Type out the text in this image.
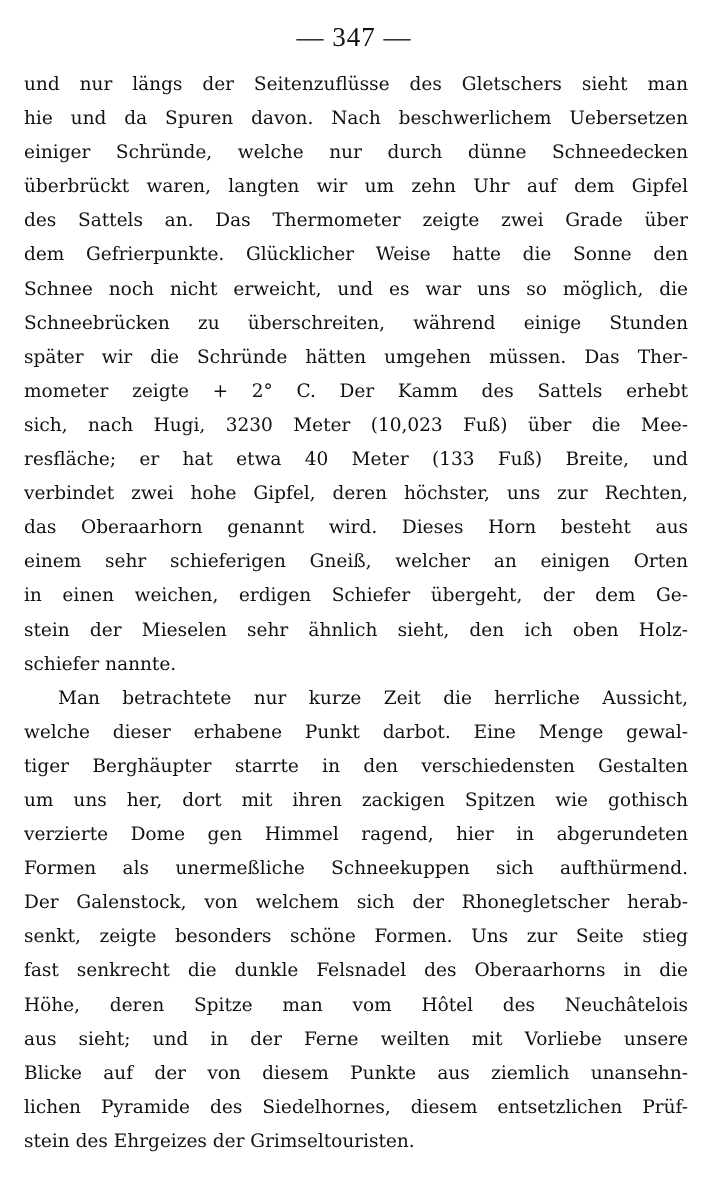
— 347 —
und nur längs der Seitenzuflüsse des Gletschers sieht man
hie und da Spuren davon. Nach beschwerlichem Uebersetzen
einiger Schründe, welche nur durch dünne Schneedecken
überbrückt waren, langten wir um zehn Uhr auf dem Gipfel
des Sattels an. Das Thermometer zeigte zwei Grade über
dem Gefrierpunkte. Glücklicher Weise hatte die Sonne den
Schnee noch nicht erweicht, und es war uns so möglich, die
Schneebrücken zu überschreiten, während einige Stunden
später wir die Schründe hätten umgehen müssen. Das Ther-
mometer zeigte + 2° C. Der Kamm des Sattels erhebt
sich, nach Hugi, 3230 Meter (10,023 Fuß) über die Mee-
resfläche; er hat etwa 40 Meter (133 Fuß) Breite, und
verbindet zwei hohe Gipfel, deren höchster, uns zur Rechten,
das Oberaarhorn genannt wird. Dieses Horn besteht aus
einem sehr schieferigen Gneiß, welcher an einigen Orten
in einen weichen, erdigen Schiefer übergeht, der dem Ge-
stein der Mieselen sehr ähnlich sieht, den ich oben Holz-
schiefer nannte.
Man betrachtete nur kurze Zeit die herrliche Aussicht,
welche dieser erhabene Punkt darbot. Eine Menge gewal-
tiger Berghäupter starrte in den verschiedensten Gestalten
um uns her, dort mit ihren zackigen Spitzen wie gothisch
verzierte Dome gen Himmel ragend, hier in abgerundeten
Formen als unermeßliche Schneekuppen sich aufthürmend.
Der Galenstock, von welchem sich der Rhonegletscher herab-
senkt, zeigte besonders schöne Formen. Uns zur Seite stieg
fast senkrecht die dunkle Felsnadel des Oberaarhorns in die
Höhe, deren Spitze man vom Hôtel des Neuchâtelois
aus sieht; und in der Ferne weilten mit Vorliebe unsere
Blicke auf der von diesem Punkte aus ziemlich unansehn-
lichen Pyramide des Siedelhornes, diesem entsetzlichen Prüf-
stein des Ehrgeizes der Grimseltouristen.
